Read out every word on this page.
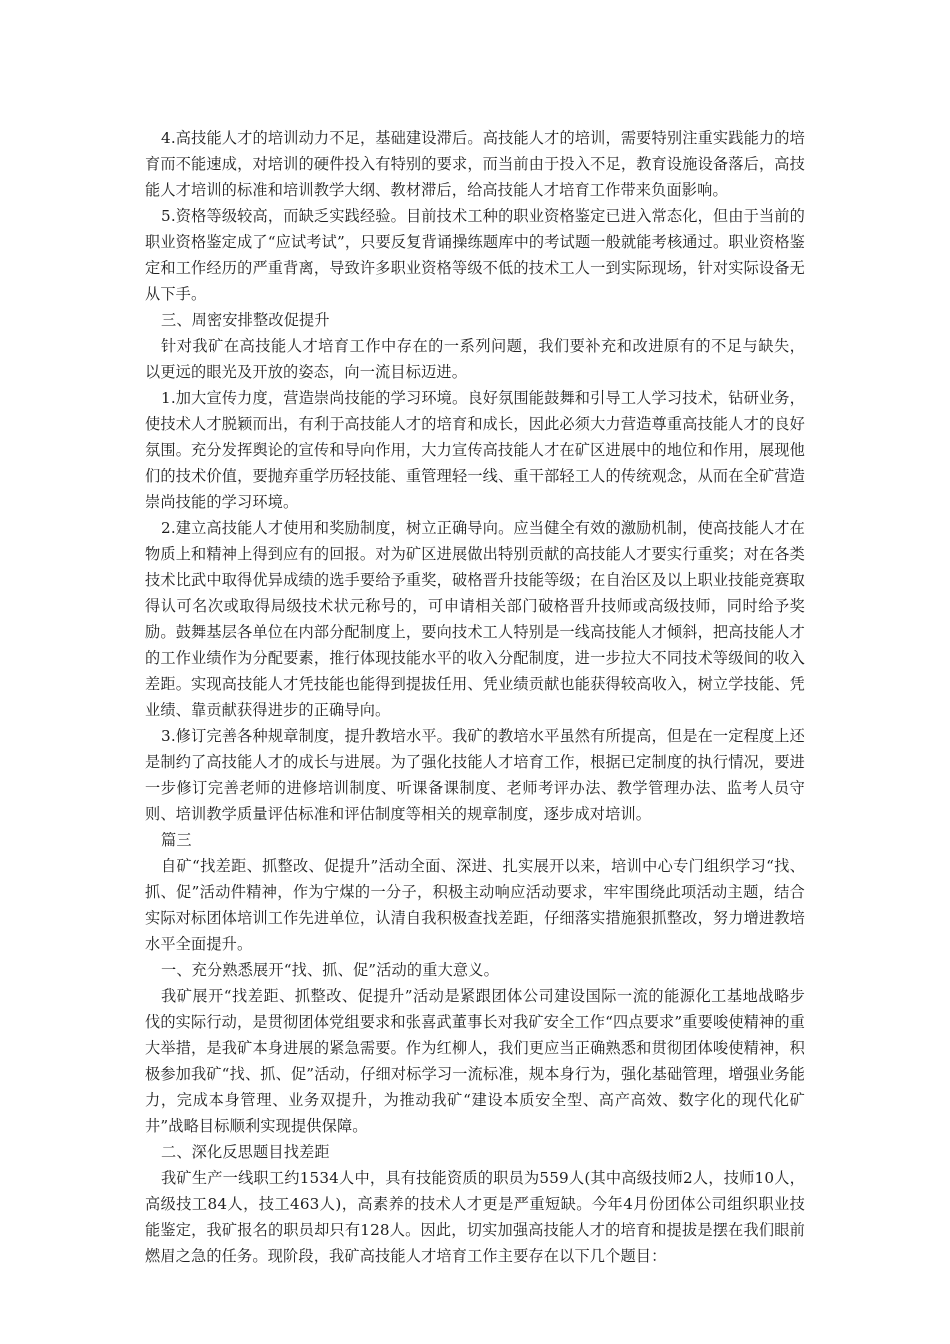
4.高技能人才的培训动力不足，基础建设滞后。高技能人才的培训，需要特别注重实践能力的培育而不能速成，对培训的硬件投入有特别的要求，而当前由于投入不足，教育设施设备落后，高技能人才培训的标准和培训教学大纲、教材滞后，给高技能人才培育工作带来负面影响。

5.资格等级较高，而缺乏实践经验。目前技术工种的职业资格鉴定已进入常态化，但由于当前的职业资格鉴定成了“应试考试”，只要反复背诵操练题库中的考试题一般就能考核通过。职业资格鉴定和工作经历的严重背离，导致许多职业资格等级不低的技术工人一到实际现场，针对实际设备无从下手。

三、周密安排整改促提升

针对我矿在高技能人才培育工作中存在的一系列问题，我们要补充和改进原有的不足与缺失，以更远的眼光及开放的姿态，向一流目标迈进。

1.加大宣传力度，营造崇尚技能的学习环境。良好氛围能鼓舞和引导工人学习技术，钻研业务，使技术人才脱颖而出，有利于高技能人才的培育和成长，因此必须大力营造尊重高技能人才的良好氛围。充分发挥舆论的宣传和导向作用，大力宣传高技能人才在矿区进展中的地位和作用，展现他们的技术价值，要抛弃重学历轻技能、重管理轻一线、重干部轻工人的传统观念，从而在全矿营造崇尚技能的学习环境。

2.建立高技能人才使用和奖励制度，树立正确导向。应当健全有效的激励机制，使高技能人才在物质上和精神上得到应有的回报。对为矿区进展做出特别贡献的高技能人才要实行重奖；对在各类技术比武中取得优异成绩的选手要给予重奖，破格晋升技能等级；在自治区及以上职业技能竞赛取得认可名次或取得局级技术状元称号的，可申请相关部门破格晋升技师或高级技师，同时给予奖励。鼓舞基层各单位在内部分配制度上，要向技术工人特别是一线高技能人才倾斜，把高技能人才的工作业绩作为分配要素，推行体现技能水平的收入分配制度，进一步拉大不同技术等级间的收入差距。实现高技能人才凭技能也能得到提拔任用、凭业绩贡献也能获得较高收入，树立学技能、凭业绩、靠贡献获得进步的正确导向。

3.修订完善各种规章制度，提升教培水平。我矿的教培水平虽然有所提高，但是在一定程度上还是制约了高技能人才的成长与进展。为了强化技能人才培育工作，根据已定制度的执行情况，要进一步修订完善老师的进修培训制度、听课备课制度、老师考评办法、教学管理办法、监考人员守则、培训教学质量评估标准和评估制度等相关的规章制度，逐步成对培训。

篇三

自矿“找差距、抓整改、促提升”活动全面、深进、扎实展开以来，培训中心专门组织学习“找、抓、促”活动件精神，作为宁煤的一分子，积极主动响应活动要求，牢牢围绕此项活动主题，结合实际对标团体培训工作先进单位，认清自我积极查找差距，仔细落实措施狠抓整改，努力增进教培水平全面提升。

一、充分熟悉展开“找、抓、促”活动的重大意义。

我矿展开“找差距、抓整改、促提升”活动是紧跟团体公司建设国际一流的能源化工基地战略步伐的实际行动，是贯彻团体党组要求和张喜武董事长对我矿安全工作“四点要求”重要唆使精神的重大举措，是我矿本身进展的紧急需要。作为红柳人，我们更应当正确熟悉和贯彻团体唆使精神，积极参加我矿“找、抓、促”活动，仔细对标学习一流标准，规本身行为，强化基础管理，增强业务能力，完成本身管理、业务双提升，为推动我矿“建设本质安全型、高产高效、数字化的现代化矿井”战略目标顺利实现提供保障。

二、深化反思题目找差距

我矿生产一线职工约1534人中，具有技能资质的职员为559人(其中高级技师2人，技师10人，高级技工84人，技工463人)，高素养的技术人才更是严重短缺。今年4月份团体公司组织职业技能鉴定，我矿报名的职员却只有128人。因此，切实加强高技能人才的培育和提拔是摆在我们眼前燃眉之急的任务。现阶段，我矿高技能人才培育工作主要存在以下几个题目：
